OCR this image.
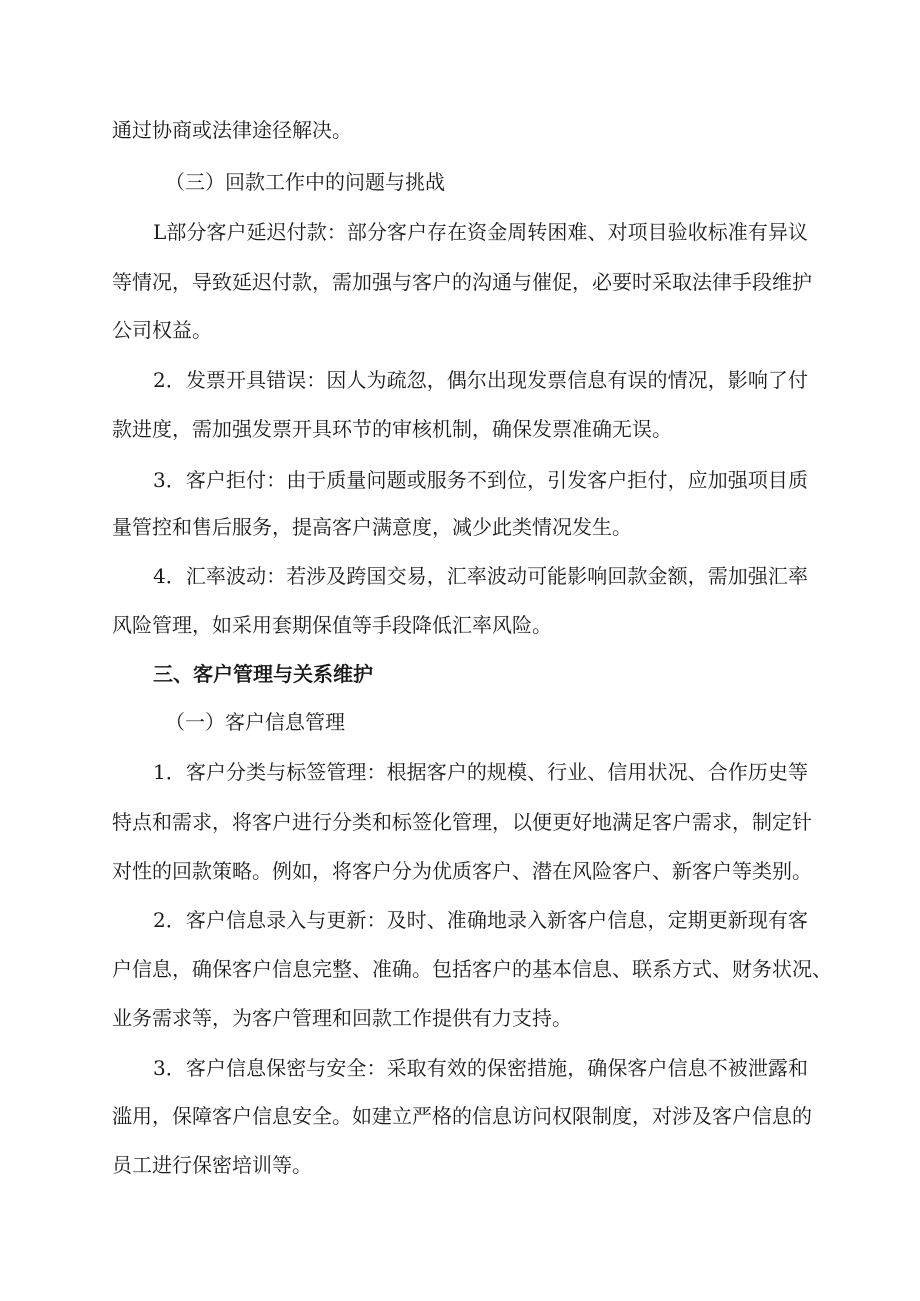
通过协商或法律途径解决。
（三）回款工作中的问题与挑战
L部分客户延迟付款：部分客户存在资金周转困难、对项目验收标准有异议
等情况，导致延迟付款，需加强与客户的沟通与催促，必要时采取法律手段维护
公司权益。
2．发票开具错误：因人为疏忽，偶尔出现发票信息有误的情况，影响了付
款进度，需加强发票开具环节的审核机制，确保发票准确无误。
3．客户拒付：由于质量问题或服务不到位，引发客户拒付，应加强项目质
量管控和售后服务，提高客户满意度，减少此类情况发生。
4．汇率波动：若涉及跨国交易，汇率波动可能影响回款金额，需加强汇率
风险管理，如采用套期保值等手段降低汇率风险。
三、客户管理与关系维护
（一）客户信息管理
1．客户分类与标签管理：根据客户的规模、行业、信用状况、合作历史等
特点和需求，将客户进行分类和标签化管理，以便更好地满足客户需求，制定针
对性的回款策略。例如，将客户分为优质客户、潜在风险客户、新客户等类别。
2．客户信息录入与更新：及时、准确地录入新客户信息，定期更新现有客
户信息，确保客户信息完整、准确。包括客户的基本信息、联系方式、财务状况、
业务需求等，为客户管理和回款工作提供有力支持。
3．客户信息保密与安全：采取有效的保密措施，确保客户信息不被泄露和
滥用，保障客户信息安全。如建立严格的信息访问权限制度，对涉及客户信息的
员工进行保密培训等。
